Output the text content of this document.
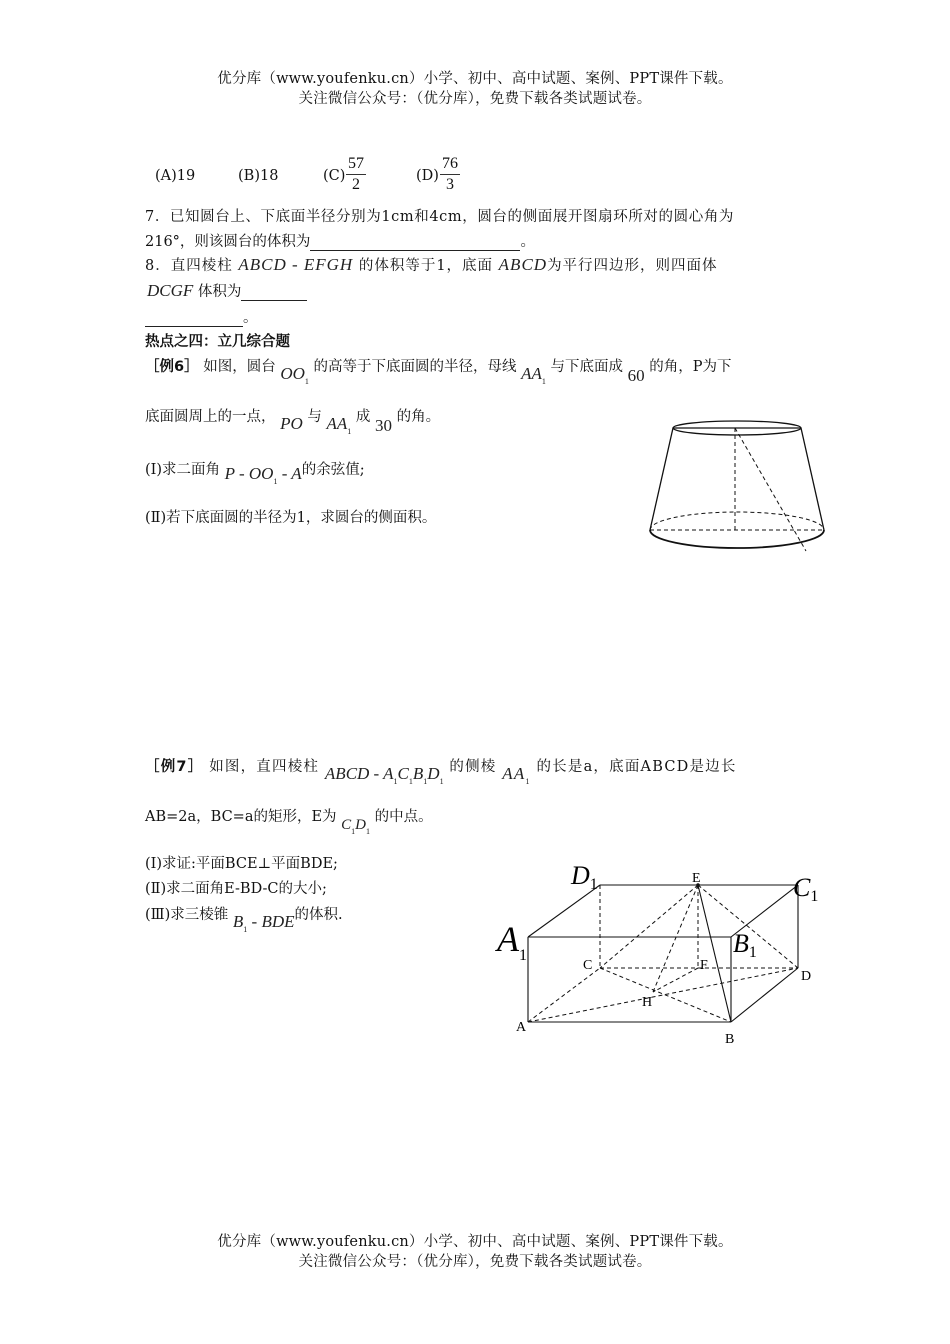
优分库（www.youfenku.cn）小学、初中、高中试题、案例、PPT课件下载。
关注微信公众号：（优分库），免费下载各类试题试卷。
(A)19	(B)18	$(C) \frac{57}{2}$	$(D) \frac{76}{3}$
7．已知圆台上、下底面半径分别为1cm和4cm，圆台的侧面展开图扇环所对的圆心角为
216°，则该圆台的体积为	。
8．直四棱柱 ABCD - EFGH 的体积等于1，底面 ABCD为平行四边形，则四面体
DCGF 体积为
。
热点之四：立几综合题
［例6］ 如图，圆台 $OO_1$ 的高等于下底面圆的半径，母线 $AA_1$ 与下底面成 60 的角，P为下
底面圆周上的一点， PO 与 $AA_1$ 成 30 的角。
(Ⅰ)求二面角 P - $OO_1$ - A的余弦值;
(Ⅱ)若下底面圆的半径为1，求圆台的侧面积。
［例7］ 如图，直四棱柱 ABCD - $A_1C_1B_1D_1$ 的侧棱 $AA_1$ 的长是a，底面ABCD是边长
AB=2a，BC=a的矩形，E为 $C_1D_1$ 的中点。
(Ⅰ)求证:平面BCE⊥平面BDE;
(Ⅱ)求二面角E-BD-C的大小;
(Ⅲ)求三棱锥 $B_1$ - BDE的体积.
D1	C1
$A_1$	B1
E
C	F
D
H
A
B
优分库（www.youfenku.cn）小学、初中、高中试题、案例、PPT课件下载。
关注微信公众号：（优分库），免费下载各类试题试卷。
